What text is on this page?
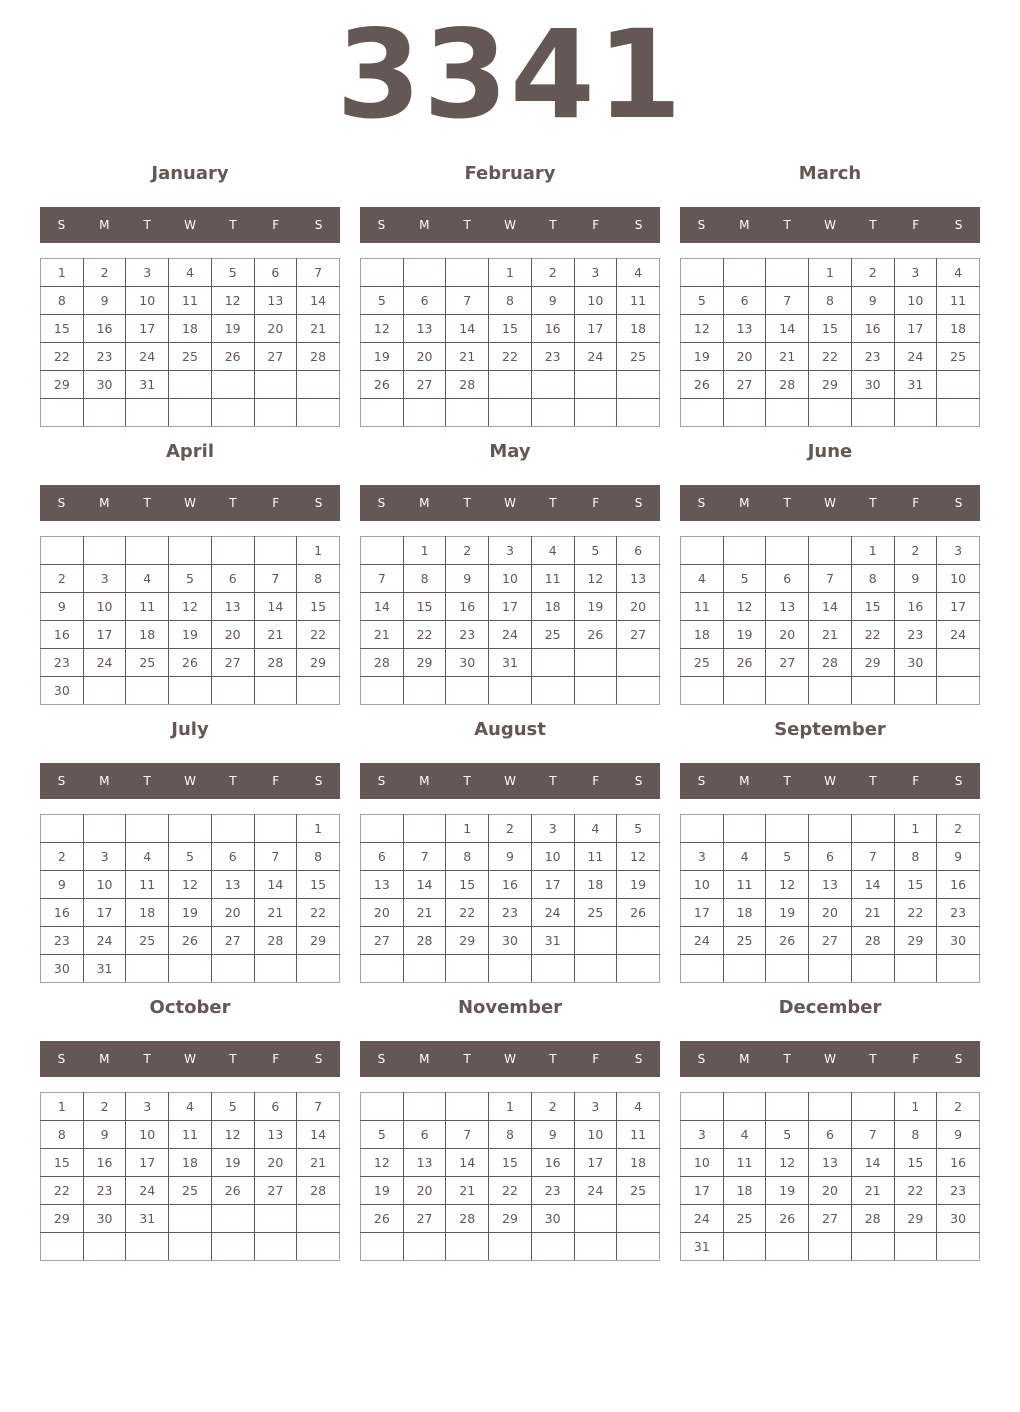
3341
January
S	M	T	W	T	F	S
1	2	3	4	5	6	7
8	9	10	11	12	13	14
15	16	17	18	19	20	21
22	23	24	25	26	27	28
29	30	31				

February
S	M	T	W	T	F	S
			1	2	3	4
5	6	7	8	9	10	11
12	13	14	15	16	17	18
19	20	21	22	23	24	25
26	27	28				

March
S	M	T	W	T	F	S
			1	2	3	4
5	6	7	8	9	10	11
12	13	14	15	16	17	18
19	20	21	22	23	24	25
26	27	28	29	30	31	

April
S	M	T	W	T	F	S
						1
2	3	4	5	6	7	8
9	10	11	12	13	14	15
16	17	18	19	20	21	22
23	24	25	26	27	28	29
30						
May
S	M	T	W	T	F	S
	1	2	3	4	5	6
7	8	9	10	11	12	13
14	15	16	17	18	19	20
21	22	23	24	25	26	27
28	29	30	31			

June
S	M	T	W	T	F	S
				1	2	3
4	5	6	7	8	9	10
11	12	13	14	15	16	17
18	19	20	21	22	23	24
25	26	27	28	29	30	

July
S	M	T	W	T	F	S
						1
2	3	4	5	6	7	8
9	10	11	12	13	14	15
16	17	18	19	20	21	22
23	24	25	26	27	28	29
30	31					
August
S	M	T	W	T	F	S
		1	2	3	4	5
6	7	8	9	10	11	12
13	14	15	16	17	18	19
20	21	22	23	24	25	26
27	28	29	30	31		

September
S	M	T	W	T	F	S
					1	2
3	4	5	6	7	8	9
10	11	12	13	14	15	16
17	18	19	20	21	22	23
24	25	26	27	28	29	30

October
S	M	T	W	T	F	S
1	2	3	4	5	6	7
8	9	10	11	12	13	14
15	16	17	18	19	20	21
22	23	24	25	26	27	28
29	30	31				

November
S	M	T	W	T	F	S
			1	2	3	4
5	6	7	8	9	10	11
12	13	14	15	16	17	18
19	20	21	22	23	24	25
26	27	28	29	30		

December
S	M	T	W	T	F	S
					1	2
3	4	5	6	7	8	9
10	11	12	13	14	15	16
17	18	19	20	21	22	23
24	25	26	27	28	29	30
31						
